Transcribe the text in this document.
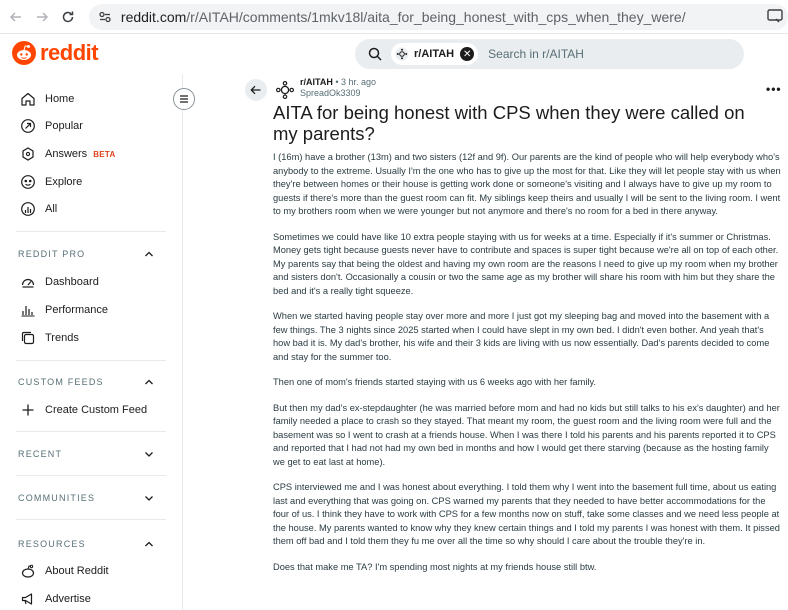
reddit.com /r/AITAH/comments/1mkv18l/aita_for_being_honest_with_cps_when_they_were/
reddit	r/AITAH ✕
Search in r/AITAH
Home
Popular
Answers BETA
Explore
All
REDDIT PRO
Dashboard
Performance
Trends
CUSTOM FEEDS
Create Custom Feed
RECENT
COMMUNITIES
RESOURCES
About Reddit
Advertise
r/AITAH • 3 hr. ago
SpreadOk3309	•••
AITA for being honest with CPS when they were called on my parents?

I (16m) have a brother (13m) and two sisters (12f and 9f). Our parents are the kind of people who will help everybody who's anybody to the extreme. Usually I'm the one who has to give up the most for that. Like they will let people stay with us when they're between homes or their house is getting work done or someone's visiting and I always have to give up my room to guests if there's more than the guest room can fit. My siblings keep theirs and usually I will be sent to the living room. I went to my brothers room when we were younger but not anymore and there's no room for a bed in there anyway.

Sometimes we could have like 10 extra people staying with us for weeks at a time. Especially if it's summer or Christmas. Money gets tight because guests never have to contribute and spaces is super tight because we're all on top of each other. My parents say that being the oldest and having my own room are the reasons I need to give up my room when my brother and sisters don't. Occasionally a cousin or two the same age as my brother will share his room with him but they share the bed and it's a really tight squeeze.

When we started having people stay over more and more I just got my sleeping bag and moved into the basement with a few things. The 3 nights since 2025 started when I could have slept in my own bed. I didn't even bother. And yeah that's how bad it is. My dad's brother, his wife and their 3 kids are living with us now essentially. Dad's parents decided to come and stay for the summer too.

Then one of mom's friends started staying with us 6 weeks ago with her family.

But then my dad's ex-stepdaughter (he was married before mom and had no kids but still talks to his ex's daughter) and her family needed a place to crash so they stayed. That meant my room, the guest room and the living room were full and the basement was so I went to crash at a friends house. When I was there I told his parents and his parents reported it to CPS and reported that I had not had my own bed in months and how I would get there starving (because as the hosting family we get to eat last at home).

CPS interviewed me and I was honest about everything. I told them why I went into the basement full time, about us eating last and everything that was going on. CPS warned my parents that they needed to have better accommodations for the four of us. I think they have to work with CPS for a few months now on stuff, take some classes and we need less people at the house. My parents wanted to know why they knew certain things and I told my parents I was honest with them. It pissed them off bad and I told them they fu me over all the time so why should I care about the trouble they're in.

Does that make me TA? I'm spending most nights at my friends house still btw.
